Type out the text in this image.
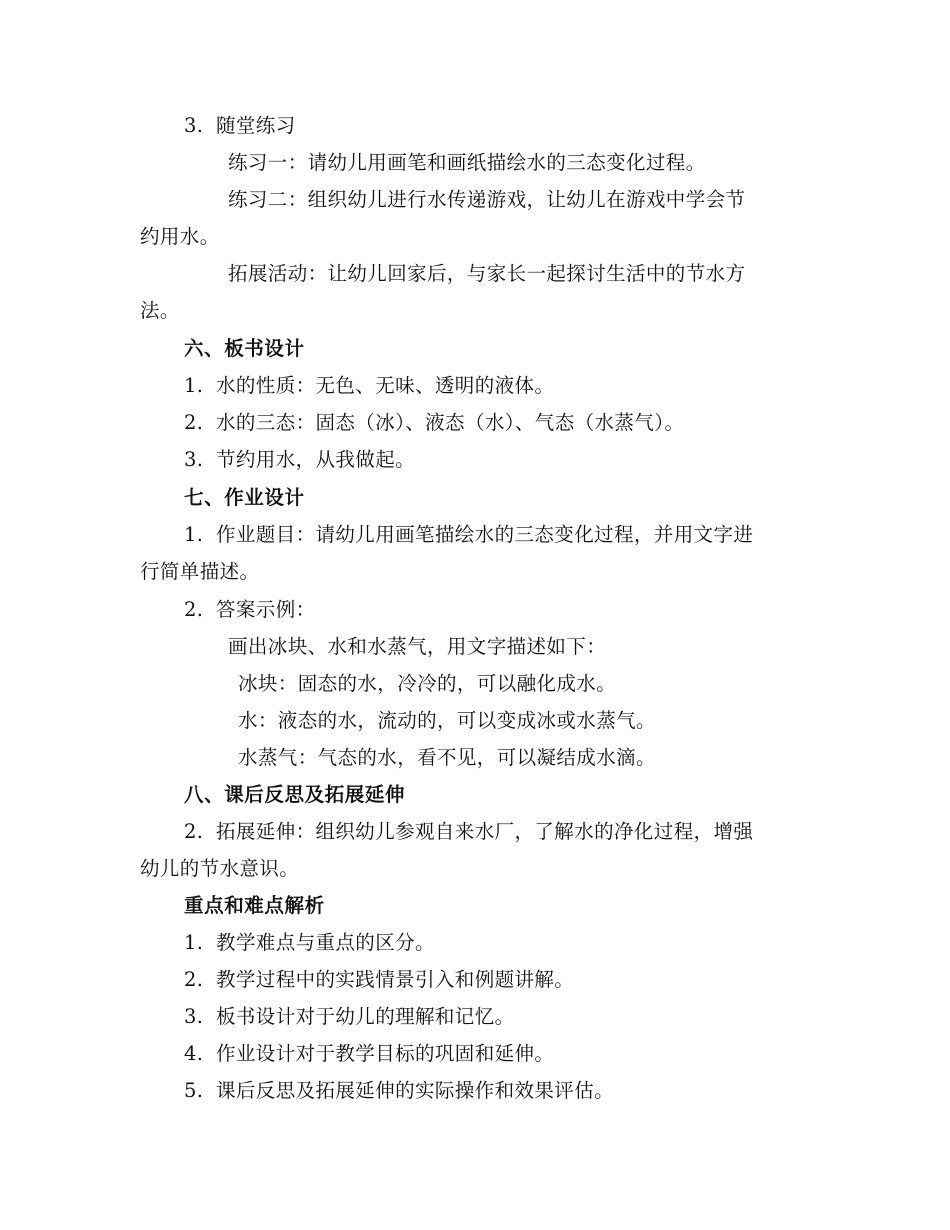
3. 随堂练习
练习一：请幼儿用画笔和画纸描绘水的三态变化过程。
练习二：组织幼儿进行水传递游戏，让幼儿在游戏中学会节
约用水。
拓展活动：让幼儿回家后，与家长一起探讨生活中的节水方
法。
六、板书设计
1. 水的性质：无色、无味、透明的液体。
2. 水的三态：固态（冰）、液态（水）、气态（水蒸气）。
3. 节约用水，从我做起。
七、作业设计
1. 作业题目：请幼儿用画笔描绘水的三态变化过程，并用文字进
行简单描述。
2. 答案示例：
画出冰块、水和水蒸气，用文字描述如下：
冰块：固态的水，冷冷的，可以融化成水。
水：液态的水，流动的，可以变成冰或水蒸气。
水蒸气：气态的水，看不见，可以凝结成水滴。
八、课后反思及拓展延伸
2. 拓展延伸：组织幼儿参观自来水厂，了解水的净化过程，增强
幼儿的节水意识。
重点和难点解析
1. 教学难点与重点的区分。
2. 教学过程中的实践情景引入和例题讲解。
3. 板书设计对于幼儿的理解和记忆。
4. 作业设计对于教学目标的巩固和延伸。
5. 课后反思及拓展延伸的实际操作和效果评估。
